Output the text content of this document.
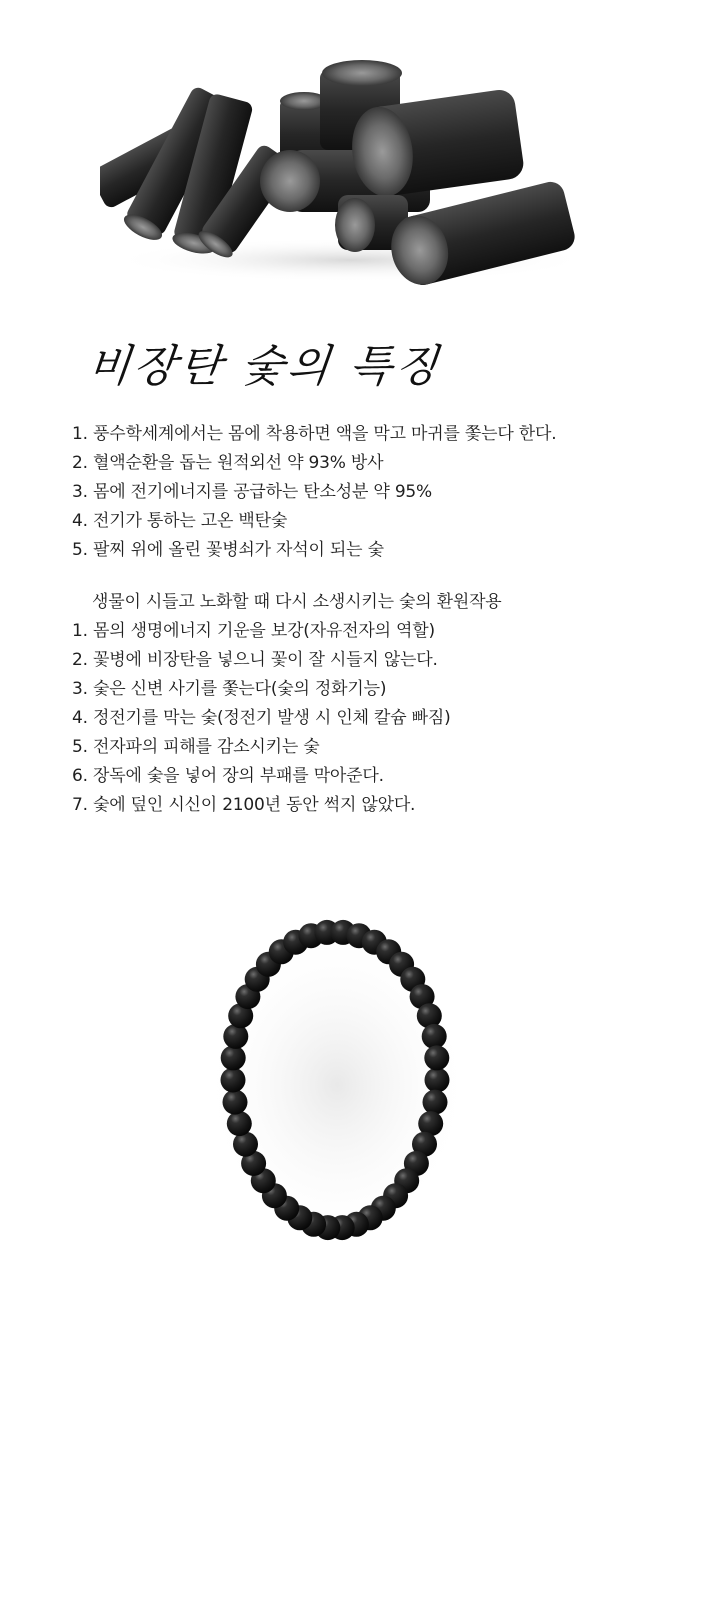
비장탄 숯의 특징
1. 풍수학세계에서는 몸에 착용하면 액을 막고 마귀를 쫓는다 한다.
2. 혈액순환을 돕는 원적외선 약 93% 방사
3. 몸에 전기에너지를 공급하는 탄소성분 약 95%
4. 전기가 통하는 고온 백탄숯
5. 팔찌 위에 올린 꽃병쇠가 자석이 되는 숯
생물이 시들고 노화할 때 다시 소생시키는 숯의 환원작용
1. 몸의 생명에너지 기운을 보강(자유전자의 역할)
2. 꽃병에 비장탄을 넣으니 꽃이 잘 시들지 않는다.
3. 숯은 신변 사기를 쫓는다(숯의 정화기능)
4. 정전기를 막는 숯(정전기 발생 시 인체 칼슘 빠짐)
5. 전자파의 피해를 감소시키는 숯
6. 장독에 숯을 넣어 장의 부패를 막아준다.
7. 숯에 덮인 시신이 2100년 동안 썩지 않았다.
